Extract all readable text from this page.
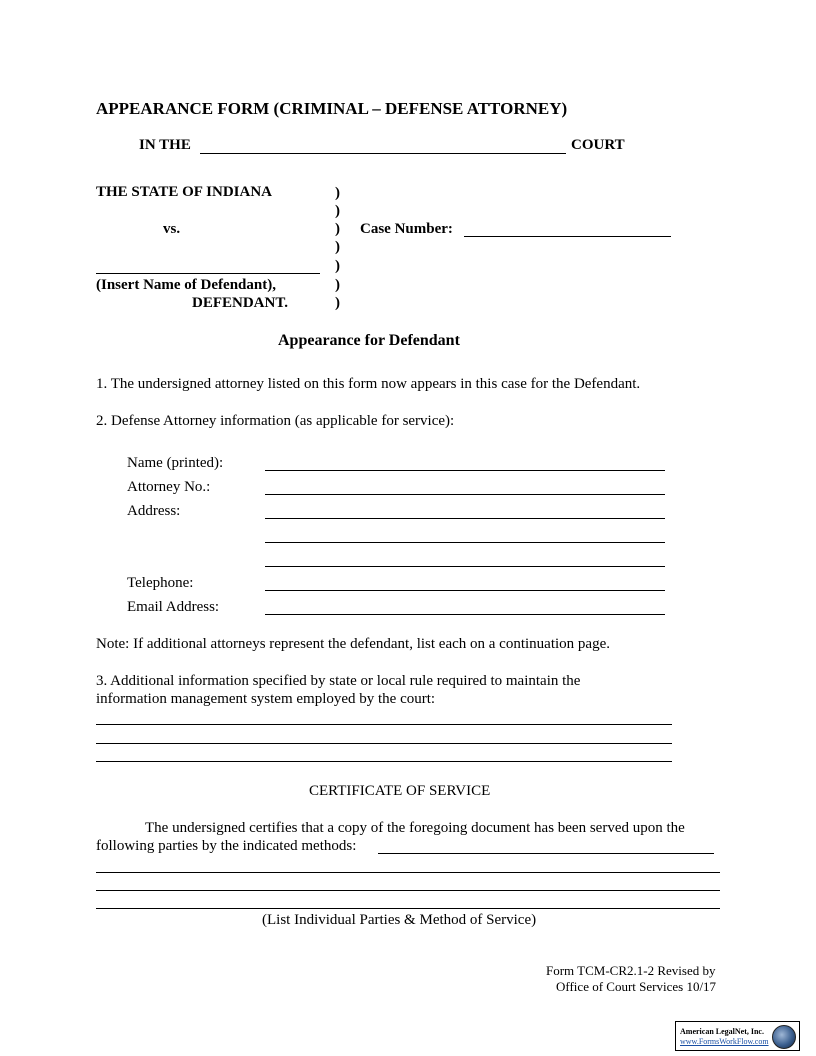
APPEARANCE FORM (CRIMINAL – DEFENSE ATTORNEY)
IN THE	COURT
THE STATE OF INDIANA
vs.
(Insert Name of Defendant),
DEFENDANT.
)
)
)
)
)
)
)
Case Number:
Appearance for Defendant
1. The undersigned attorney listed on this form now appears in this case for the Defendant.
2. Defense Attorney information (as applicable for service):
Name (printed):
Attorney No.:
Address:
Telephone:
Email Address:
Note: If additional attorneys represent the defendant, list each on a continuation page.
3. Additional information specified by state or local rule required to maintain the
information management system employed by the court:
CERTIFICATE OF SERVICE
The undersigned certifies that a copy of the foregoing document has been served upon the
following parties by the indicated methods:
(List Individual Parties & Method of Service)
Form TCM-CR2.1-2 Revised by
Office of Court Services 10/17
American LegalNet, Inc.
www.FormsWorkFlow.com
